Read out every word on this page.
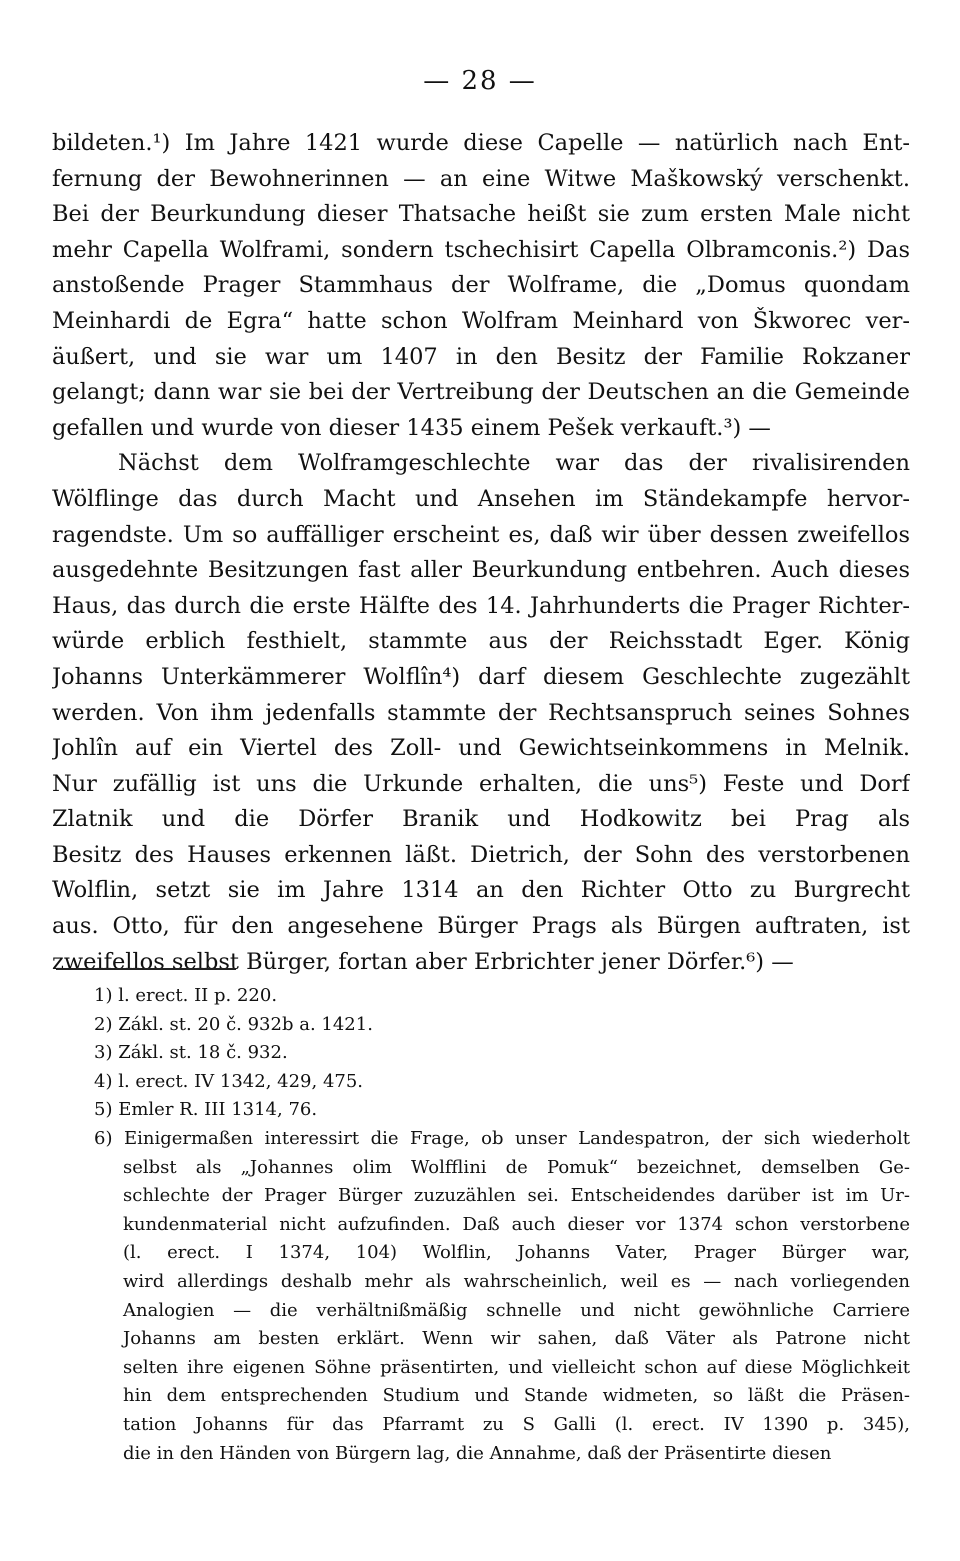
— 28 —
bildeten.¹) Im Jahre 1421 wurde diese Capelle — natürlich nach Ent-
fernung der Bewohnerinnen — an eine Witwe Maškowský verschenkt.
Bei der Beurkundung dieser Thatsache heißt sie zum ersten Male nicht
mehr Capella Wolframi, sondern tschechisirt Capella Olbramconis.²) Das
anstoßende Prager Stammhaus der Wolframe, die „Domus quondam
Meinhardi de Egra“ hatte schon Wolfram Meinhard von Škworec ver-
äußert, und sie war um 1407 in den Besitz der Familie Rokzaner
gelangt; dann war sie bei der Vertreibung der Deutschen an die Gemeinde
gefallen und wurde von dieser 1435 einem Pešek verkauft.³) —
Nächst dem Wolframgeschlechte war das der rivalisirenden
Wölflinge das durch Macht und Ansehen im Ständekampfe hervor-
ragendste. Um so auffälliger erscheint es, daß wir über dessen zweifellos
ausgedehnte Besitzungen fast aller Beurkundung entbehren. Auch dieses
Haus, das durch die erste Hälfte des 14. Jahrhunderts die Prager Richter-
würde erblich festhielt, stammte aus der Reichsstadt Eger. König
Johanns Unterkämmerer Wolflîn⁴) darf diesem Geschlechte zugezählt
werden. Von ihm jedenfalls stammte der Rechtsanspruch seines Sohnes
Johlîn auf ein Viertel des Zoll- und Gewichtseinkommens in Melnik.
Nur zufällig ist uns die Urkunde erhalten, die uns⁵) Feste und Dorf
Zlatnik und die Dörfer Branik und Hodkowitz bei Prag als
Besitz des Hauses erkennen läßt. Dietrich, der Sohn des verstorbenen
Wolflin, setzt sie im Jahre 1314 an den Richter Otto zu Burgrecht
aus. Otto, für den angesehene Bürger Prags als Bürgen auftraten, ist
zweifellos selbst Bürger, fortan aber Erbrichter jener Dörfer.⁶) —
1) l. erect. II p. 220.
2) Zákl. st. 20 č. 932b a. 1421.
3) Zákl. st. 18 č. 932.
4) l. erect. IV 1342, 429, 475.
5) Emler R. III 1314, 76.
6) Einigermaßen interessirt die Frage, ob unser Landespatron, der sich wiederholt
selbst als „Johannes olim Wolfflini de Pomuk“ bezeichnet, demselben Ge-
schlechte der Prager Bürger zuzuzählen sei. Entscheidendes darüber ist im Ur-
kundenmaterial nicht aufzufinden. Daß auch dieser vor 1374 schon verstorbene
(l. erect. I 1374, 104) Wolflin, Johanns Vater, Prager Bürger war,
wird allerdings deshalb mehr als wahrscheinlich, weil es — nach vorliegenden
Analogien — die verhältnißmäßig schnelle und nicht gewöhnliche Carriere
Johanns am besten erklärt. Wenn wir sahen, daß Väter als Patrone nicht
selten ihre eigenen Söhne präsentirten, und vielleicht schon auf diese Möglichkeit
hin dem entsprechenden Studium und Stande widmeten, so läßt die Präsen-
tation Johanns für das Pfarramt zu S Galli (l. erect. IV 1390 p. 345),
die in den Händen von Bürgern lag, die Annahme, daß der Präsentirte diesen
